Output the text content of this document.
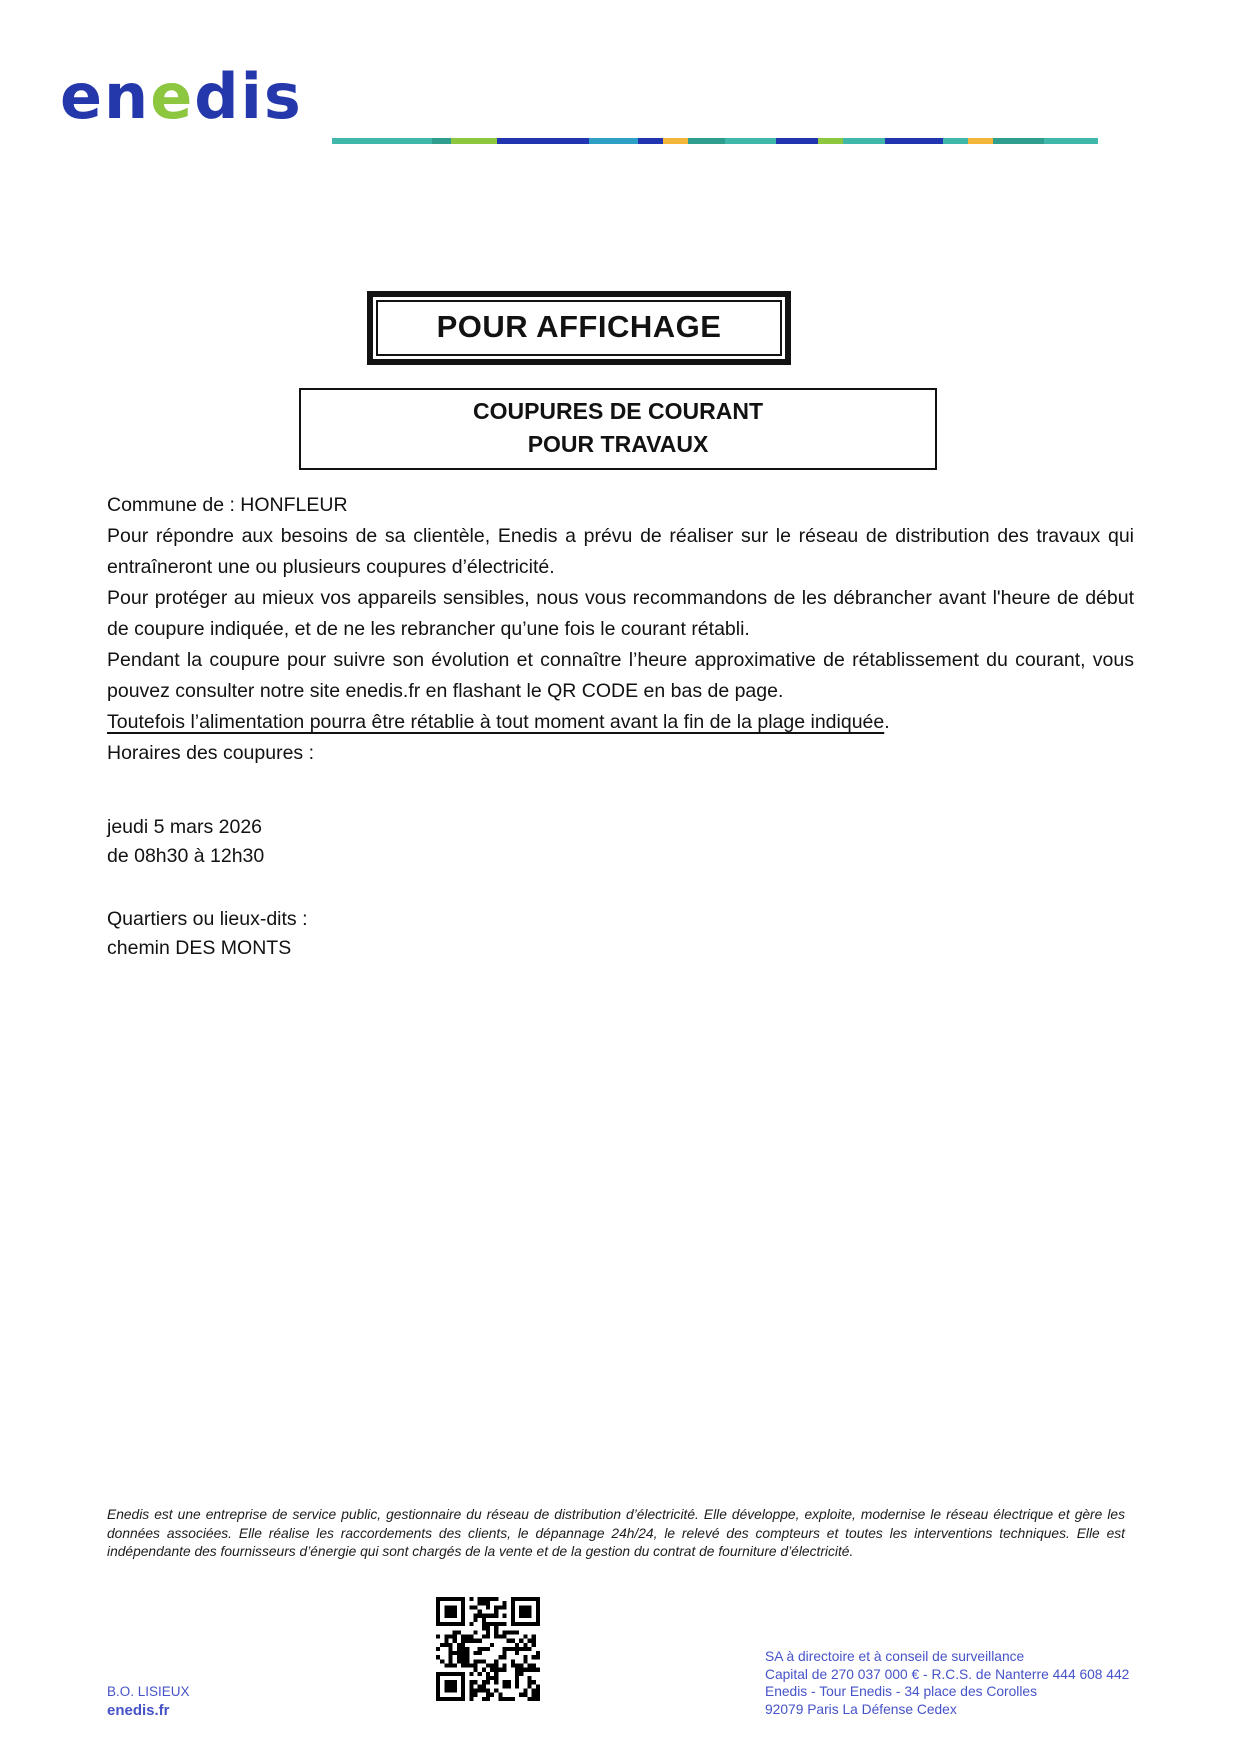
enedis
POUR AFFICHAGE
COUPURES DE COURANT
POUR TRAVAUX

Commune de : HONFLEUR

Pour répondre aux besoins de sa clientèle, Enedis a prévu de réaliser sur le réseau de distribution des travaux qui entraîneront une ou plusieurs coupures d’électricité.

Pour protéger au mieux vos appareils sensibles, nous vous recommandons de les débrancher avant l'heure de début de coupure indiquée, et de ne les rebrancher qu’une fois le courant rétabli.

Pendant la coupure pour suivre son évolution et connaître l’heure approximative de rétablissement du courant, vous pouvez consulter notre site enedis.fr en flashant le QR CODE en bas de page.

Toutefois l’alimentation pourra être rétablie à tout moment avant la fin de la plage indiquée.

Horaires des coupures :

jeudi 5 mars 2026
de 08h30 à 12h30
Quartiers ou lieux-dits :
chemin DES MONTS
Enedis est une entreprise de service public, gestionnaire du réseau de distribution d’électricité. Elle développe, exploite, modernise le réseau électrique et gère les données associées. Elle réalise les raccordements des clients, le dépannage 24h/24, le relevé des compteurs et toutes les interventions techniques. Elle est indépendante des fournisseurs d’énergie qui sont chargés de la vente et de la gestion du contrat de fourniture d’électricité.
B.O. LISIEUX
enedis.fr
SA à directoire et à conseil de surveillance
Capital de 270 037 000 € - R.C.S. de Nanterre 444 608 442
Enedis - Tour Enedis - 34 place des Corolles
92079 Paris La Défense Cedex
